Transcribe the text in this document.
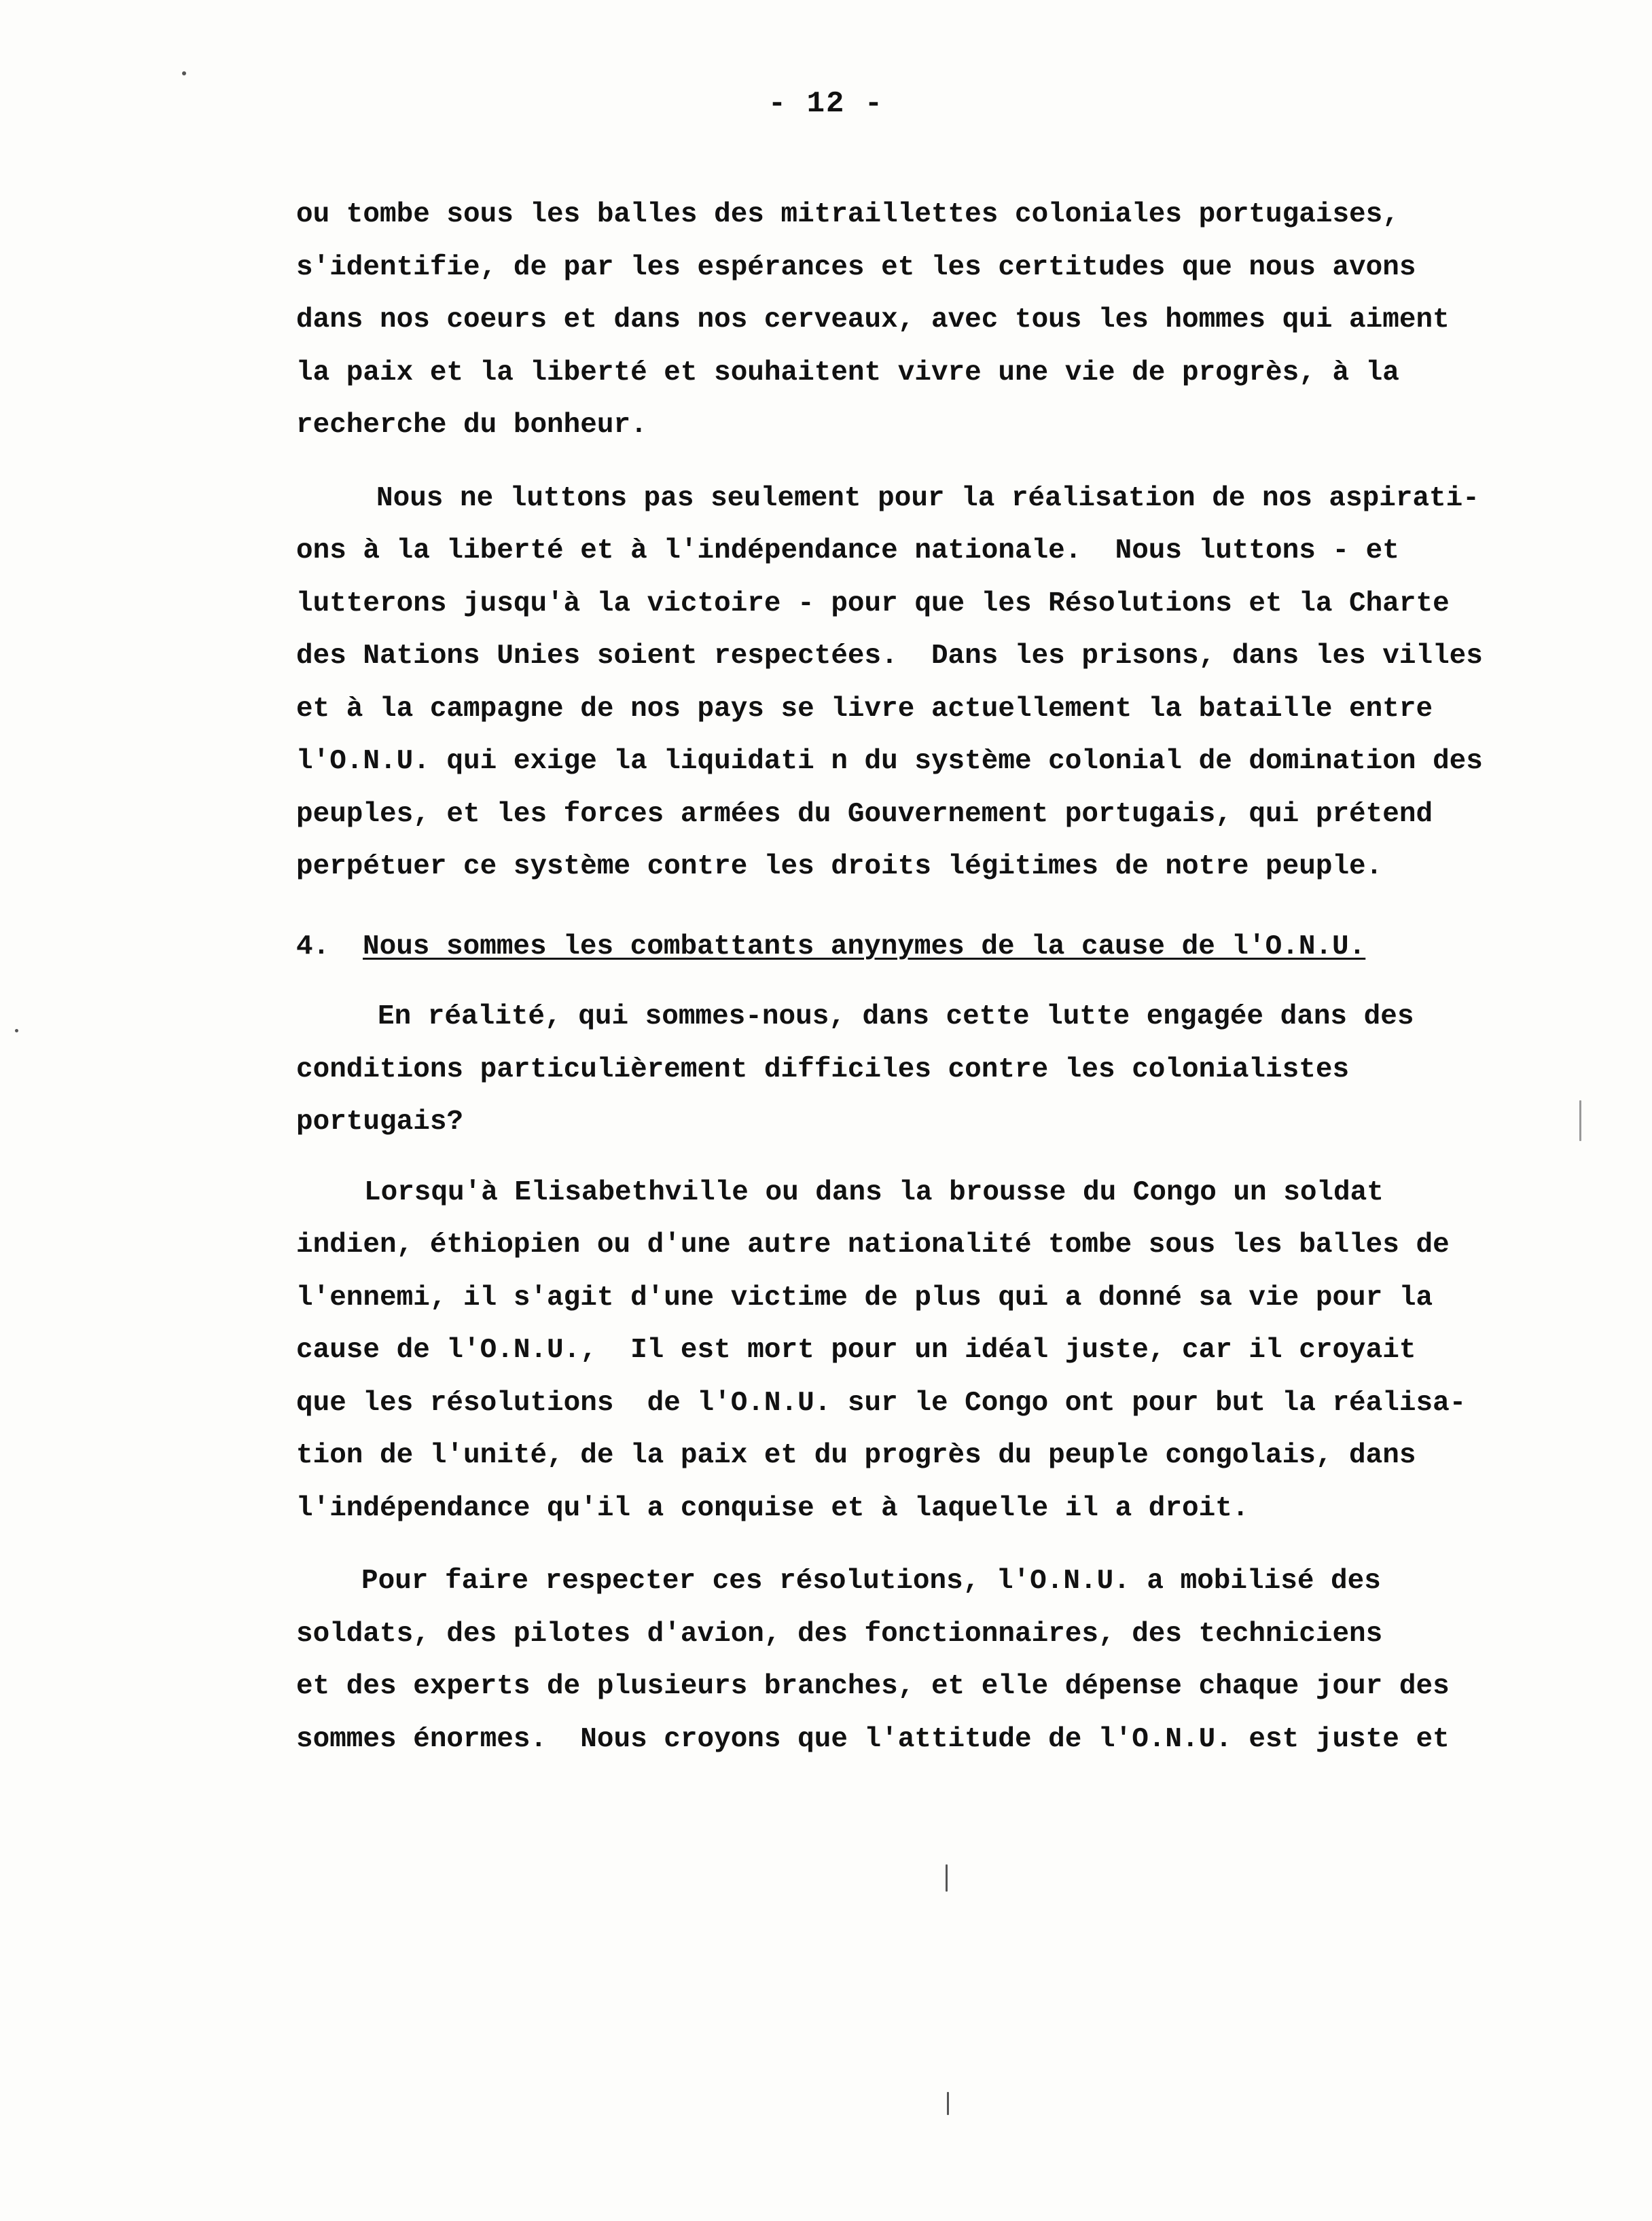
- 12 -
ou tombe sous les balles des mitraillettes coloniales portugaises,
s'identifie, de par les espérances et les certitudes que nous avons
dans nos coeurs et dans nos cerveaux, avec tous les hommes qui aiment
la paix et la liberté et souhaitent vivre une vie de progrès, à la
recherche du bonheur.
Nous ne luttons pas seulement pour la réalisation de nos aspirati-
ons à la liberté et à l'indépendance nationale.  Nous luttons - et
lutterons jusqu'à la victoire - pour que les Résolutions et la Charte
des Nations Unies soient respectées.  Dans les prisons, dans les villes
et à la campagne de nos pays se livre actuellement la bataille entre
l'O.N.U. qui exige la liquidati n du système colonial de domination des
peuples, et les forces armées du Gouvernement portugais, qui prétend
perpétuer ce système contre les droits légitimes de notre peuple.
4. Nous sommes les combattants anynymes de la cause de l'O.N.U.
En réalité, qui sommes-nous, dans cette lutte engagée dans des
conditions particulièrement difficiles contre les colonialistes
portugais?
Lorsqu'à Elisabethville ou dans la brousse du Congo un soldat
indien, éthiopien ou d'une autre nationalité tombe sous les balles de
l'ennemi, il s'agit d'une victime de plus qui a donné sa vie pour la
cause de l'O.N.U.,  Il est mort pour un idéal juste, car il croyait
que les résolutions  de l'O.N.U. sur le Congo ont pour but la réalisa-
tion de l'unité, de la paix et du progrès du peuple congolais, dans
l'indépendance qu'il a conquise et à laquelle il a droit.
Pour faire respecter ces résolutions, l'O.N.U. a mobilisé des
soldats, des pilotes d'avion, des fonctionnaires, des techniciens
et des experts de plusieurs branches, et elle dépense chaque jour des
sommes énormes.  Nous croyons que l'attitude de l'O.N.U. est juste et
